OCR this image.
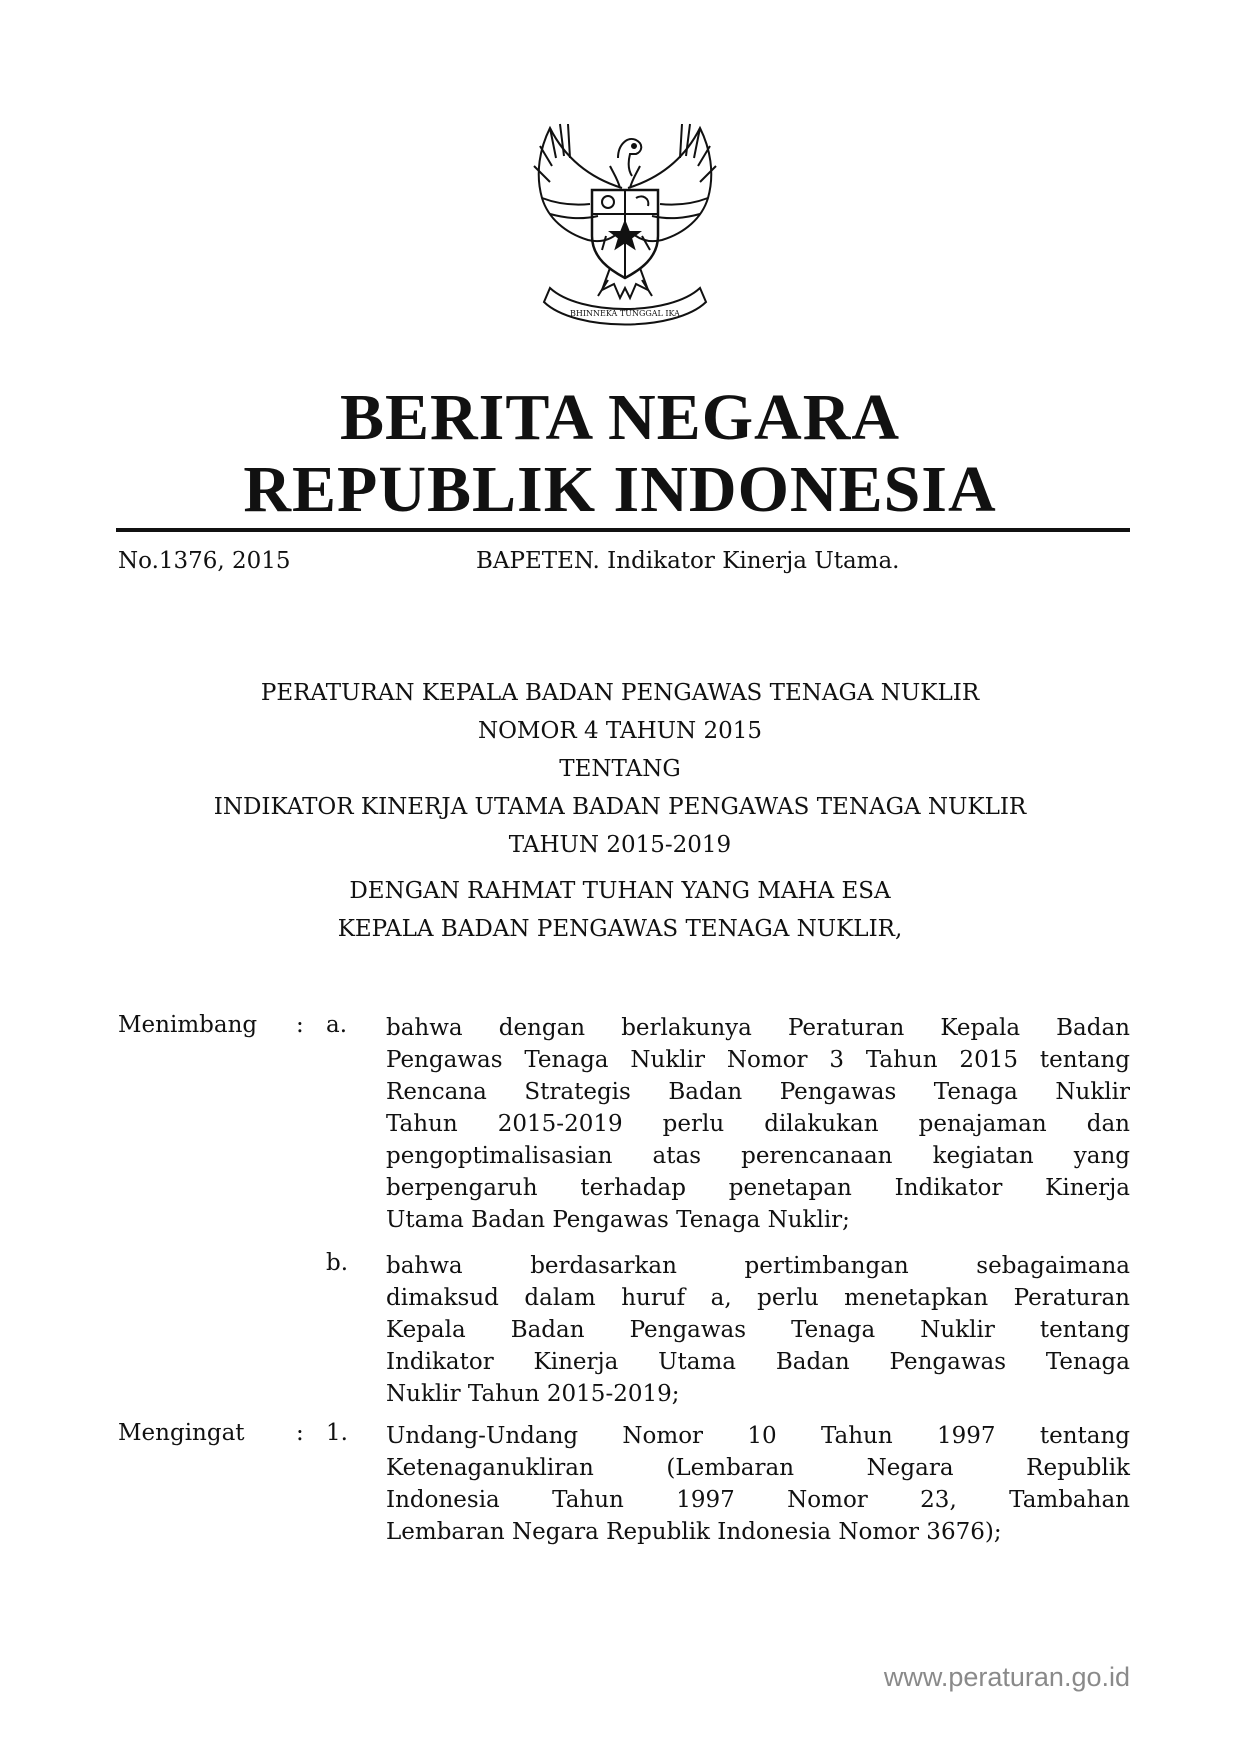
BHINNEKA TUNGGAL IKA
BERITA NEGARA
REPUBLIK INDONESIA
No.1376, 2015	BAPETEN. Indikator Kinerja Utama.
PERATURAN KEPALA BADAN PENGAWAS TENAGA NUKLIR
NOMOR 4 TAHUN 2015
TENTANG
INDIKATOR KINERJA UTAMA BADAN PENGAWAS TENAGA NUKLIR
TAHUN 2015-2019
DENGAN RAHMAT TUHAN YANG MAHA ESA
KEPALA BADAN PENGAWAS TENAGA NUKLIR,
Menimbang : a. bahwa dengan berlakunya Peraturan Kepala Badan
Pengawas Tenaga Nuklir Nomor 3 Tahun 2015 tentang
Rencana Strategis Badan Pengawas Tenaga Nuklir
Tahun 2015-2019 perlu dilakukan penajaman dan
pengoptimalisasian atas perencanaan kegiatan yang
berpengaruh terhadap penetapan Indikator Kinerja
Utama Badan Pengawas Tenaga Nuklir;
b. bahwa berdasarkan pertimbangan sebagaimana
dimaksud dalam huruf a, perlu menetapkan Peraturan
Kepala Badan Pengawas Tenaga Nuklir tentang
Indikator Kinerja Utama Badan Pengawas Tenaga
Nuklir Tahun 2015-2019;
Mengingat : 1. Undang-Undang Nomor 10 Tahun 1997 tentang
Ketenaganukliran (Lembaran Negara Republik
Indonesia Tahun 1997 Nomor 23, Tambahan
Lembaran Negara Republik Indonesia Nomor 3676);
www.peraturan.go.id
